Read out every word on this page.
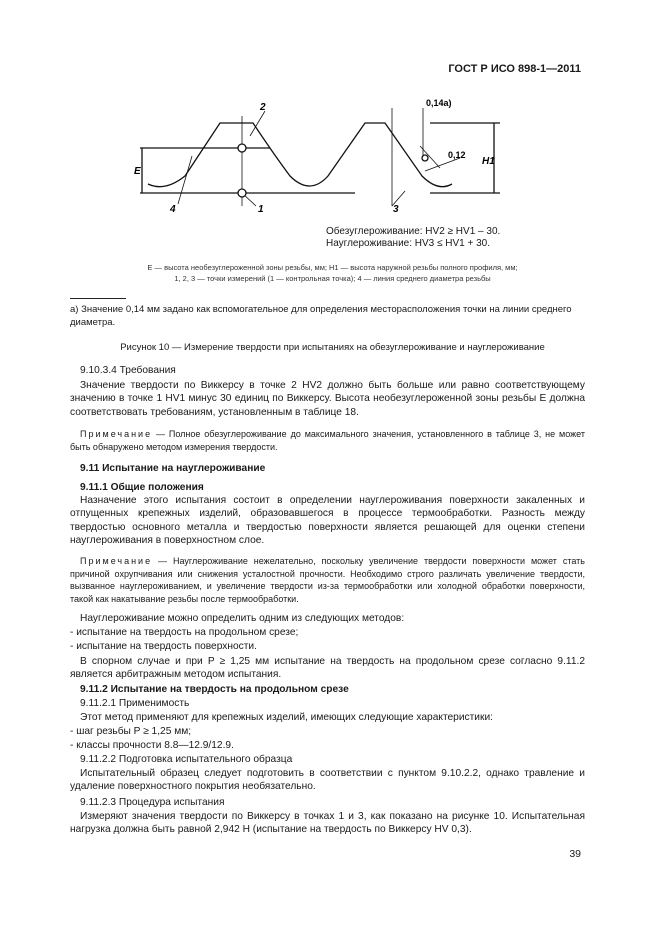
ГОСТ Р ИСО 898-1—2011
2
1
4	3
E
H1
0,14a)
0,12
Обезуглероживание: HV2 ≥ HV1 – 30.
Науглероживание: HV3 ≤ HV1 + 30.
E — высота необезуглероженной зоны резьбы, мм; H1 — высота наружной резьбы полного профиля, мм;
1, 2, 3 — точки измерений (1 — контрольная точка); 4 — линия среднего диаметра резьбы
a) Значение 0,14 мм задано как вспомогательное для определения месторасположения точки на линии среднего диаметра.
Рисунок 10 — Измерение твердости при испытаниях на обезуглероживание и науглероживание
9.10.3.4 Требования
Значение твердости по Виккерсу в точке 2 HV2 должно быть больше или равно соответствующему значению в точке 1 HV1 минус 30 единиц по Виккерсу. Высота необезуглероженной зоны резьбы E должна соответствовать требованиям, установленным в таблице 18.
Примечание — Полное обезуглероживание до максимального значения, установленного в таблице 3, не может быть обнаружено методом измерения твердости.
9.11 Испытание на науглероживание
9.11.1 Общие положения
Назначение этого испытания состоит в определении науглероживания поверхности закаленных и отпущенных крепежных изделий, образовавшегося в процессе термообработки. Разность между твердостью основного металла и твердостью поверхности является решающей для оценки степени науглероживания в поверхностном слое.
Примечание — Науглероживание нежелательно, поскольку увеличение твердости поверхности может стать причиной охрупчивания или снижения усталостной прочности. Необходимо строго различать увеличение твердости, вызванное науглероживанием, и увеличение твердости из-за термообработки или холодной обработки поверхности, такой как накатывание резьбы после термообработки.
Науглероживание можно определить одним из следующих методов:
- испытание на твердость на продольном срезе;
- испытание на твердость поверхности.
В спорном случае и при P ≥ 1,25 мм испытание на твердость на продольном срезе согласно 9.11.2 является арбитражным методом испытания.
9.11.2 Испытание на твердость на продольном срезе
9.11.2.1 Применимость
Этот метод применяют для крепежных изделий, имеющих следующие характеристики:
- шаг резьбы P ≥ 1,25 мм;
- классы прочности 8.8—12.9/12.9.
9.11.2.2 Подготовка испытательного образца
Испытательный образец следует подготовить в соответствии с пунктом 9.10.2.2, однако травление и удаление поверхностного покрытия необязательно.
9.11.2.3 Процедура испытания
Измеряют значения твердости по Виккерсу в точках 1 и 3, как показано на рисунке 10. Испытательная нагрузка должна быть равной 2,942 Н (испытание на твердость по Виккерсу HV 0,3).
39
